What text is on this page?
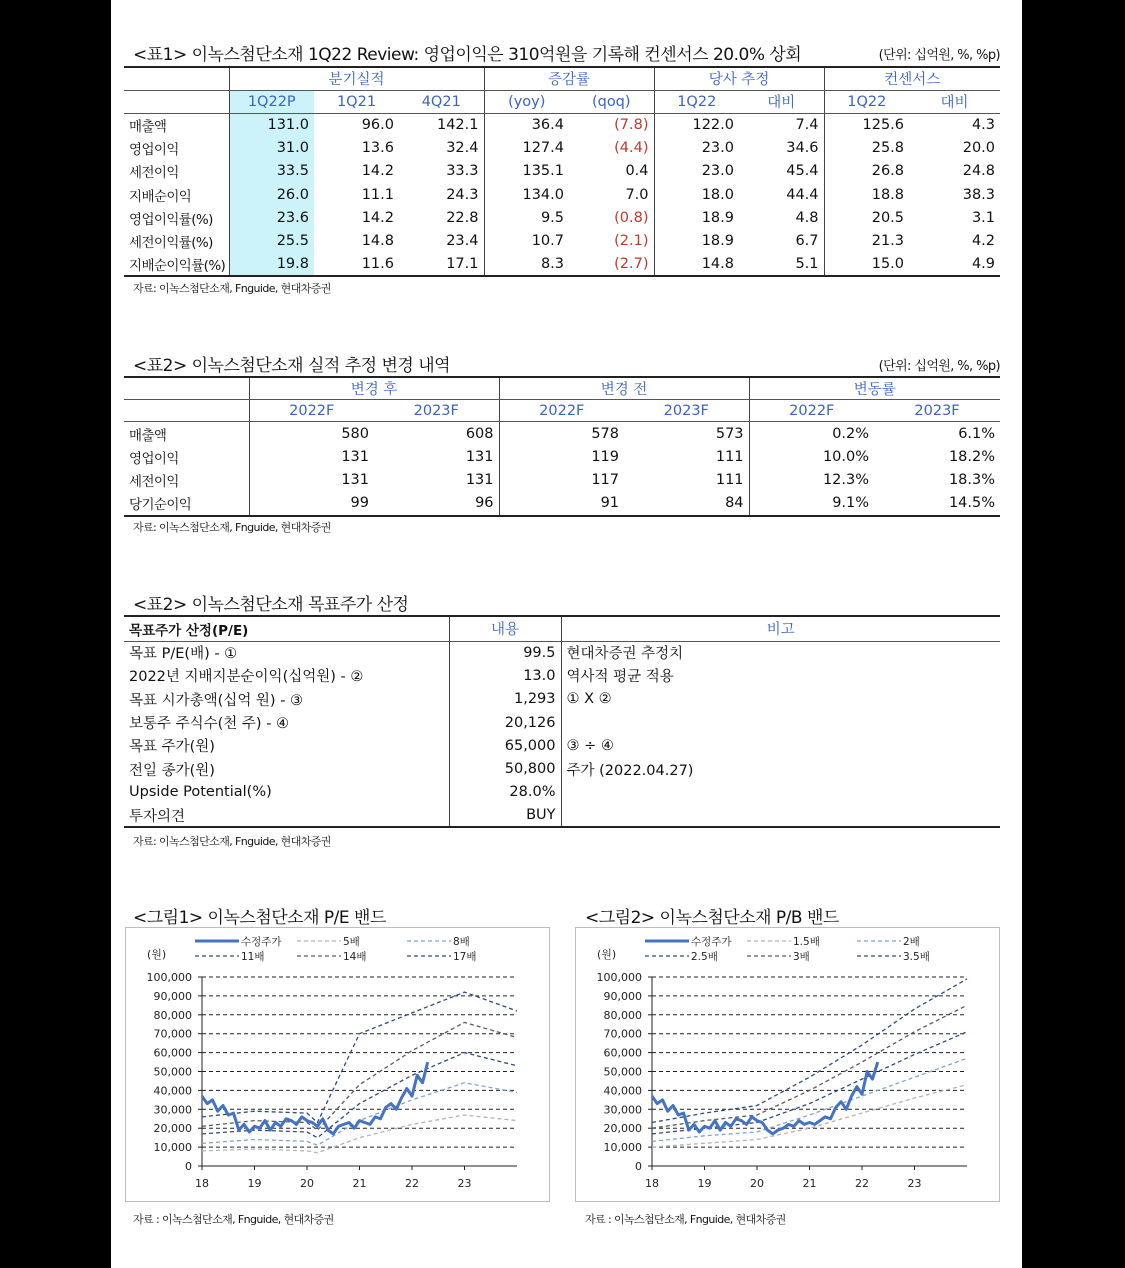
<표1> 이녹스첨단소재 1Q22 Review: 영업이익은 310억원을 기록해 컨센서스 20.0% 상회	(단위: 십억원, %, %p)
	분기실적			증감률		당사 추정		컨센서스	
	1Q22P	1Q21	4Q21	(yoy)	(qoq)	1Q22	대비	1Q22	대비
매출액	131.0	96.0	142.1	36.4	(7.8)	122.0	7.4	125.6	4.3
영업이익	31.0	13.6	32.4	127.4	(4.4)	23.0	34.6	25.8	20.0
세전이익	33.5	14.2	33.3	135.1	0.4	23.0	45.4	26.8	24.8
지배순이익	26.0	11.1	24.3	134.0	7.0	18.0	44.4	18.8	38.3
영업이익률(%)	23.6	14.2	22.8	9.5	(0.8)	18.9	4.8	20.5	3.1
세전이익률(%)	25.5	14.8	23.4	10.7	(2.1)	18.9	6.7	21.3	4.2
지배순이익률(%)	19.8	11.6	17.1	8.3	(2.7)	14.8	5.1	15.0	4.9
자료: 이녹스첨단소재, Fnguide, 현대차증권
<표2> 이녹스첨단소재 실적 추정 변경 내역	(단위: 십억원, %, %p)
	변경 후		변경 전		변동률	
	2022F	2023F	2022F	2023F	2022F	2023F
매출액	580	608	578	573	0.2%	6.1%
영업이익	131	131	119	111	10.0%	18.2%
세전이익	131	131	117	111	12.3%	18.3%
당기순이익	99	96	91	84	9.1%	14.5%
자료: 이녹스첨단소재, Fnguide, 현대차증권
<표2> 이녹스첨단소재 목표주가 산정
목표주가 산정(P/E)	내용	비고
목표 P/E(배) - ①	99.5	현대차증권 추정치
2022년 지배지분순이익(십억원) - ②	13.0	역사적 평균 적용
목표 시가총액(십억 원) - ③	1,293	① X ②
보통주 주식수(천 주) - ④	20,126	
목표 주가(원)	65,000	③ ÷ ④
전일 종가(원)	50,800	주가 (2022.04.27)
Upside Potential(%)	28.0%	
투자의견	BUY	
자료: 이녹스첨단소재, Fnguide, 현대차증권
<그림1> 이녹스첨단소재 P/E 밴드	<그림2> 이녹스첨단소재 P/B 밴드
(원)
0
10,000
20,000
30,000
40,000
50,000
60,000
70,000
80,000
90,000
100,000
18	19	20	21	22	23
수정주가	5배	8배
11배	14배	17배	(원)
0
10,000
20,000
30,000
40,000
50,000
60,000
70,000
80,000
90,000
100,000
18	19	20	21	22	23
수정주가	1.5배	2배
2.5배	3배	3.5배
자료 : 이녹스첨단소재, Fnguide, 현대차증권	자료 : 이녹스첨단소재, Fnguide, 현대차증권
